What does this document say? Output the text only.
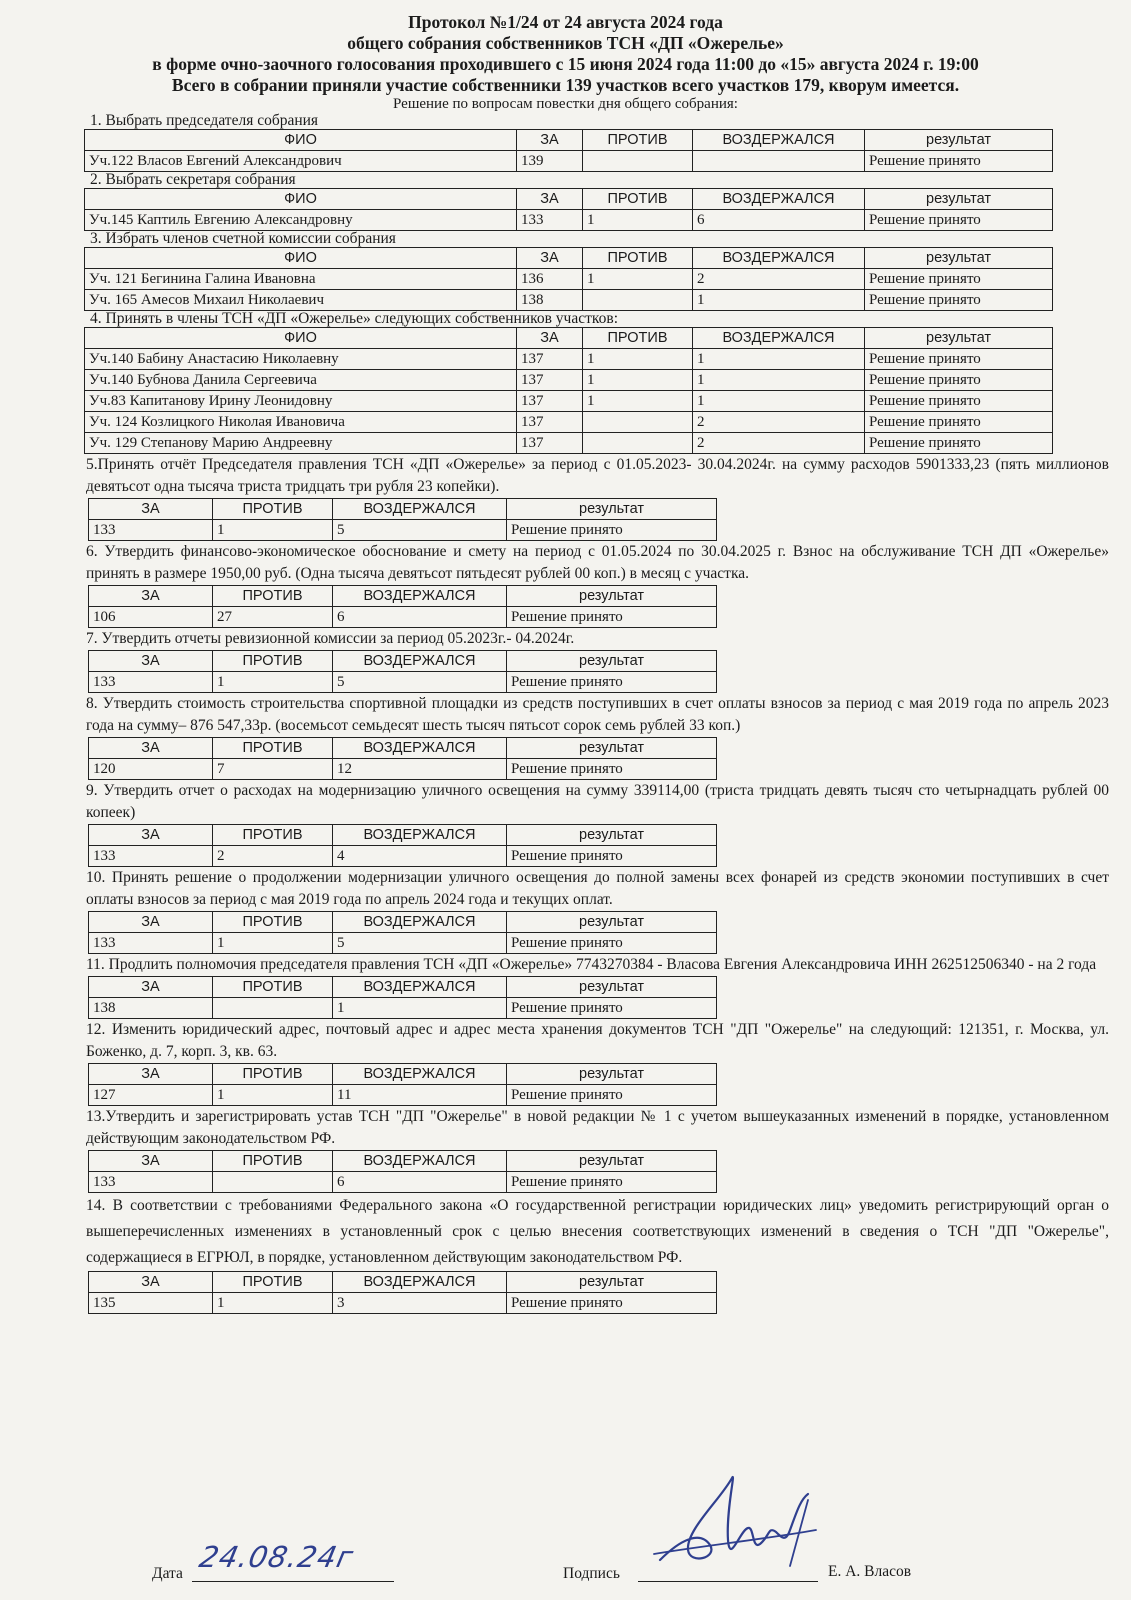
Протокол №1/24 от 24 августа 2024 года
общего собрания собственников ТСН «ДП «Ожерелье»
в форме очно-заочного голосования проходившего с 15 июня 2024 года 11:00 до «15» августа 2024 г. 19:00
Всего в собрании приняли участие собственники 139 участков всего участков 179, кворум имеется.
Решение по вопросам повестки дня общего собрания:
1. Выбрать председателя собрания
ФИО	ЗА	ПРОТИВ	ВОЗДЕРЖАЛСЯ	результат
Уч.122 Власов Евгений Александрович	139			Решение принято
2. Выбрать секретаря собрания
ФИО	ЗА	ПРОТИВ	ВОЗДЕРЖАЛСЯ	результат
Уч.145 Каптиль Евгению Александровну	133	1	6	Решение принято
3. Избрать членов счетной комиссии собрания
ФИО	ЗА	ПРОТИВ	ВОЗДЕРЖАЛСЯ	результат
Уч. 121 Бегинина Галина Ивановна	136	1	2	Решение принято
Уч. 165 Амесов Михаил Николаевич	138		1	Решение принято
4. Принять в члены ТСН «ДП «Ожерелье» следующих собственников участков:
ФИО	ЗА	ПРОТИВ	ВОЗДЕРЖАЛСЯ	результат
Уч.140 Бабину Анастасию Николаевну	137	1	1	Решение принято
Уч.140 Бубнова Данила Сергеевича	137	1	1	Решение принято
Уч.83 Капитанову Ирину Леонидовну	137	1	1	Решение принято
Уч. 124 Козлицкого Николая Ивановича	137		2	Решение принято
Уч. 129 Степанову Марию Андреевну	137		2	Решение принято
5.Принять отчёт Председателя правления ТСН «ДП «Ожерелье» за период с 01.05.2023- 30.04.2024г. на сумму расходов 5901333,23 (пять миллионов девятьсот одна тысяча триста тридцать три рубля 23 копейки).
ЗА	ПРОТИВ	ВОЗДЕРЖАЛСЯ	результат
133	1	5	Решение принято
6. Утвердить финансово-экономическое обоснование и смету на период с 01.05.2024 по 30.04.2025 г. Взнос на обслуживание ТСН ДП «Ожерелье» принять в размере 1950,00 руб. (Одна тысяча девятьсот пятьдесят рублей 00 коп.) в месяц с участка.
ЗА	ПРОТИВ	ВОЗДЕРЖАЛСЯ	результат
106	27	6	Решение принято
7. Утвердить отчеты ревизионной комиссии за период 05.2023г.- 04.2024г.
ЗА	ПРОТИВ	ВОЗДЕРЖАЛСЯ	результат
133	1	5	Решение принято
8. Утвердить стоимость строительства спортивной площадки из средств поступивших в счет оплаты взносов за период с мая 2019 года по апрель 2023 года на сумму– 876 547,33р. (восемьсот семьдесят шесть тысяч пятьсот сорок семь рублей 33 коп.)
ЗА	ПРОТИВ	ВОЗДЕРЖАЛСЯ	результат
120	7	12	Решение принято
9. Утвердить отчет о расходах на модернизацию уличного освещения на сумму 339114,00 (триста тридцать девять тысяч сто четырнадцать рублей 00 копеек)
ЗА	ПРОТИВ	ВОЗДЕРЖАЛСЯ	результат
133	2	4	Решение принято
10. Принять решение о продолжении модернизации уличного освещения до полной замены всех фонарей из средств экономии поступивших в счет оплаты взносов за период с мая 2019 года по апрель 2024 года и текущих оплат.
ЗА	ПРОТИВ	ВОЗДЕРЖАЛСЯ	результат
133	1	5	Решение принято
11. Продлить полномочия председателя правления ТСН «ДП «Ожерелье» 7743270384 - Власова Евгения Александровича ИНН 262512506340 - на 2 года
ЗА	ПРОТИВ	ВОЗДЕРЖАЛСЯ	результат
138		1	Решение принято
12. Изменить юридический адрес, почтовый адрес и адрес места хранения документов ТСН "ДП "Ожерелье" на следующий: 121351, г. Москва, ул. Боженко, д. 7, корп. 3, кв. 63.
ЗА	ПРОТИВ	ВОЗДЕРЖАЛСЯ	результат
127	1	11	Решение принято
13.Утвердить и зарегистрировать устав ТСН "ДП "Ожерелье" в новой редакции № 1 с учетом вышеуказанных изменений в порядке, установленном действующим законодательством РФ.
ЗА	ПРОТИВ	ВОЗДЕРЖАЛСЯ	результат
133		6	Решение принято
14. В соответствии с требованиями Федерального закона «О государственной регистрации юридических лиц» уведомить регистрирующий орган о вышеперечисленных изменениях в установленный срок с целью внесения соответствующих изменений в сведения о ТСН "ДП "Ожерелье", содержащиеся в ЕГРЮЛ, в порядке, установленном действующим законодательством РФ.
ЗА	ПРОТИВ	ВОЗДЕРЖАЛСЯ	результат
135	1	3	Решение принято
Дата 24.08.24г	Подпись	Е. А. Власов
